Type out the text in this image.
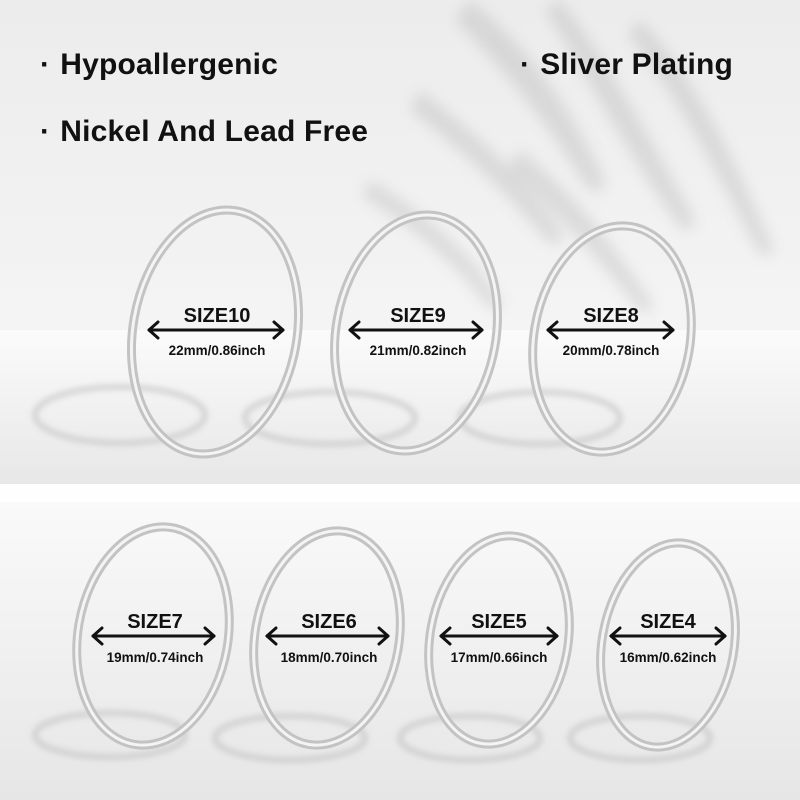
· Hypoallergenic	· Sliver Plating
· Nickel And Lead Free
SIZE10
22mm/0.86inch
SIZE9
21mm/0.82inch
SIZE8
20mm/0.78inch
SIZE7
19mm/0.74inch
SIZE6
18mm/0.70inch
SIZE5
17mm/0.66inch
SIZE4
16mm/0.62inch
